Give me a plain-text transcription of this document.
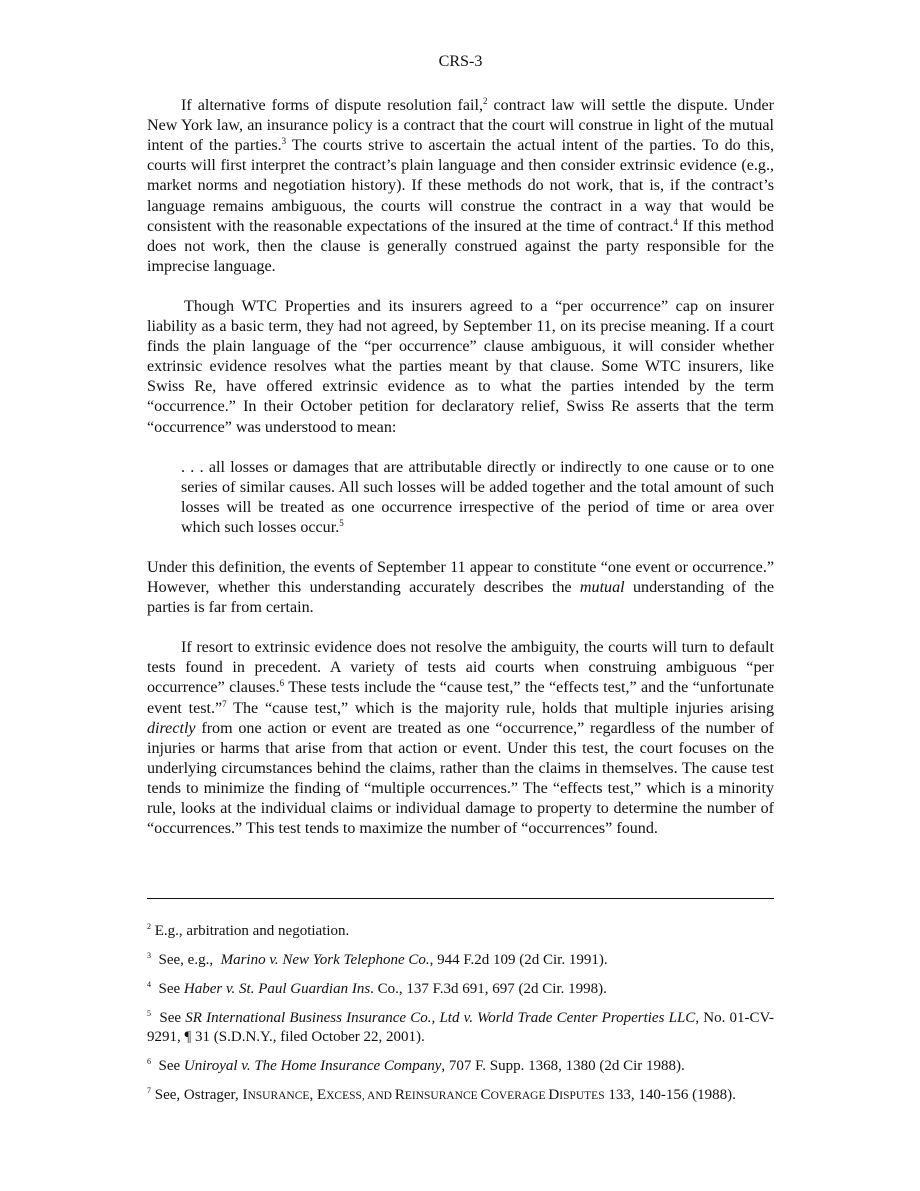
CRS-3

If alternative forms of dispute resolution fail,$^2$ contract law will settle the dispute. Under New York law, an insurance policy is a contract that the court will construe in light of the mutual intent of the parties.$^3$ The courts strive to ascertain the actual intent of the parties. To do this, courts will first interpret the contract’s plain language and then consider extrinsic evidence (e.g., market norms and negotiation history). If these methods do not work, that is, if the contract’s language remains ambiguous, the courts will construe the contract in a way that would be consistent with the reasonable expectations of the insured at the time of contract.$^4$ If this method does not work, then the clause is generally construed against the party responsible for the imprecise language.

Though WTC Properties and its insurers agreed to a “per occurrence” cap on insurer liability as a basic term, they had not agreed, by September 11, on its precise meaning. If a court finds the plain language of the “per occurrence” clause ambiguous, it will consider whether extrinsic evidence resolves what the parties meant by that clause. Some WTC insurers, like Swiss Re, have offered extrinsic evidence as to what the parties intended by the term “occurrence.” In their October petition for declaratory relief, Swiss Re asserts that the term “occurrence” was understood to mean:

. . . all losses or damages that are attributable directly or indirectly to one cause or to one series of similar causes. All such losses will be added together and the total amount of such losses will be treated as one occurrence irrespective of the period of time or area over which such losses occur.$^5$

Under this definition, the events of September 11 appear to constitute “one event or occurrence.” However, whether this understanding accurately describes the mutual understanding of the parties is far from certain.

If resort to extrinsic evidence does not resolve the ambiguity, the courts will turn to default tests found in precedent. A variety of tests aid courts when construing ambiguous “per occurrence” clauses.$^6$ These tests include the “cause test,” the “effects test,” and the “unfortunate event test.”$^7$ The “cause test,” which is the majority rule, holds that multiple injuries arising directly from one action or event are treated as one “occurrence,” regardless of the number of injuries or harms that arise from that action or event. Under this test, the court focuses on the underlying circumstances behind the claims, rather than the claims in themselves. The cause test tends to minimize the finding of “multiple occurrences.” The “effects test,” which is a minority rule, looks at the individual claims or individual damage to property to determine the number of “occurrences.” This test tends to maximize the number of “occurrences” found.

$^2$ E.g., arbitration and negotiation.
$^3$  See, e.g.,  Marino v. New York Telephone Co., 944 F.2d 109 (2d Cir. 1991).
$^4$  See Haber v. St. Paul Guardian Ins. Co., 137 F.3d 691, 697 (2d Cir. 1998).
$^5$  See SR International Business Insurance Co., Ltd v. World Trade Center Properties LLC, No. 01-CV-9291, ¶ 31 (S.D.N.Y., filed October 22, 2001).
$^6$  See Uniroyal v. The Home Insurance Company, 707 F. Supp. 1368, 1380 (2d Cir 1988).
$^7$ See, Ostrager, INSURANCE, EXCESS, AND REINSURANCE COVERAGE DISPUTES 133, 140-156 (1988).
